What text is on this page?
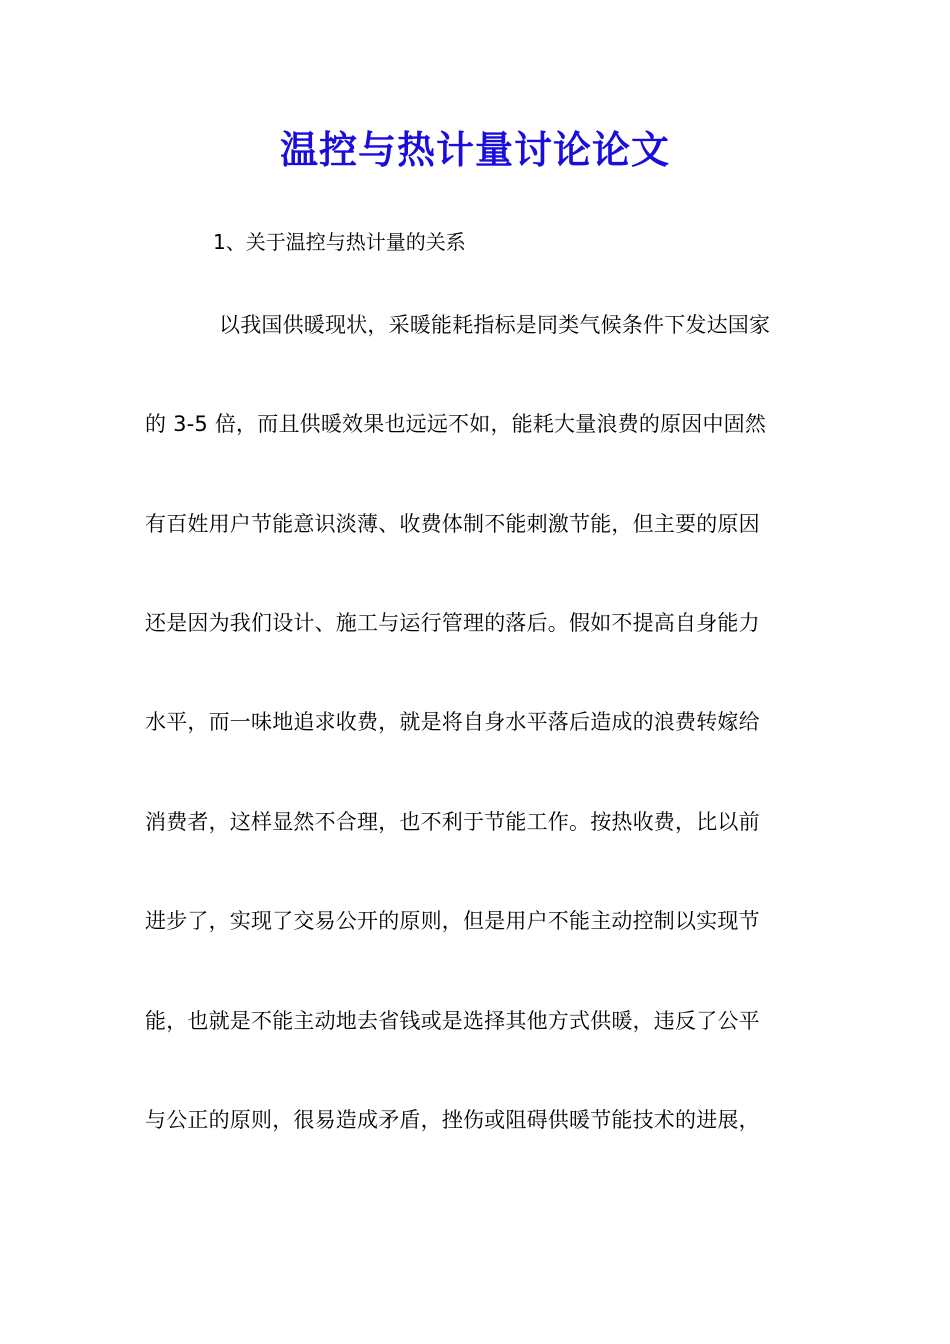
温控与热计量讨论论文

1、关于温控与热计量的关系

以我国供暖现状，采暖能耗指标是同类气候条件下发达国家

的 3-5 倍，而且供暖效果也远远不如，能耗大量浪费的原因中固然

有百姓用户节能意识淡薄、收费体制不能刺激节能，但主要的原因

还是因为我们设计、施工与运行管理的落后。假如不提高自身能力

水平，而一味地追求收费，就是将自身水平落后造成的浪费转嫁给

消费者，这样显然不合理，也不利于节能工作。按热收费，比以前

进步了，实现了交易公开的原则，但是用户不能主动控制以实现节

能，也就是不能主动地去省钱或是选择其他方式供暖，违反了公平

与公正的原则，很易造成矛盾，挫伤或阻碍供暖节能技术的进展，
